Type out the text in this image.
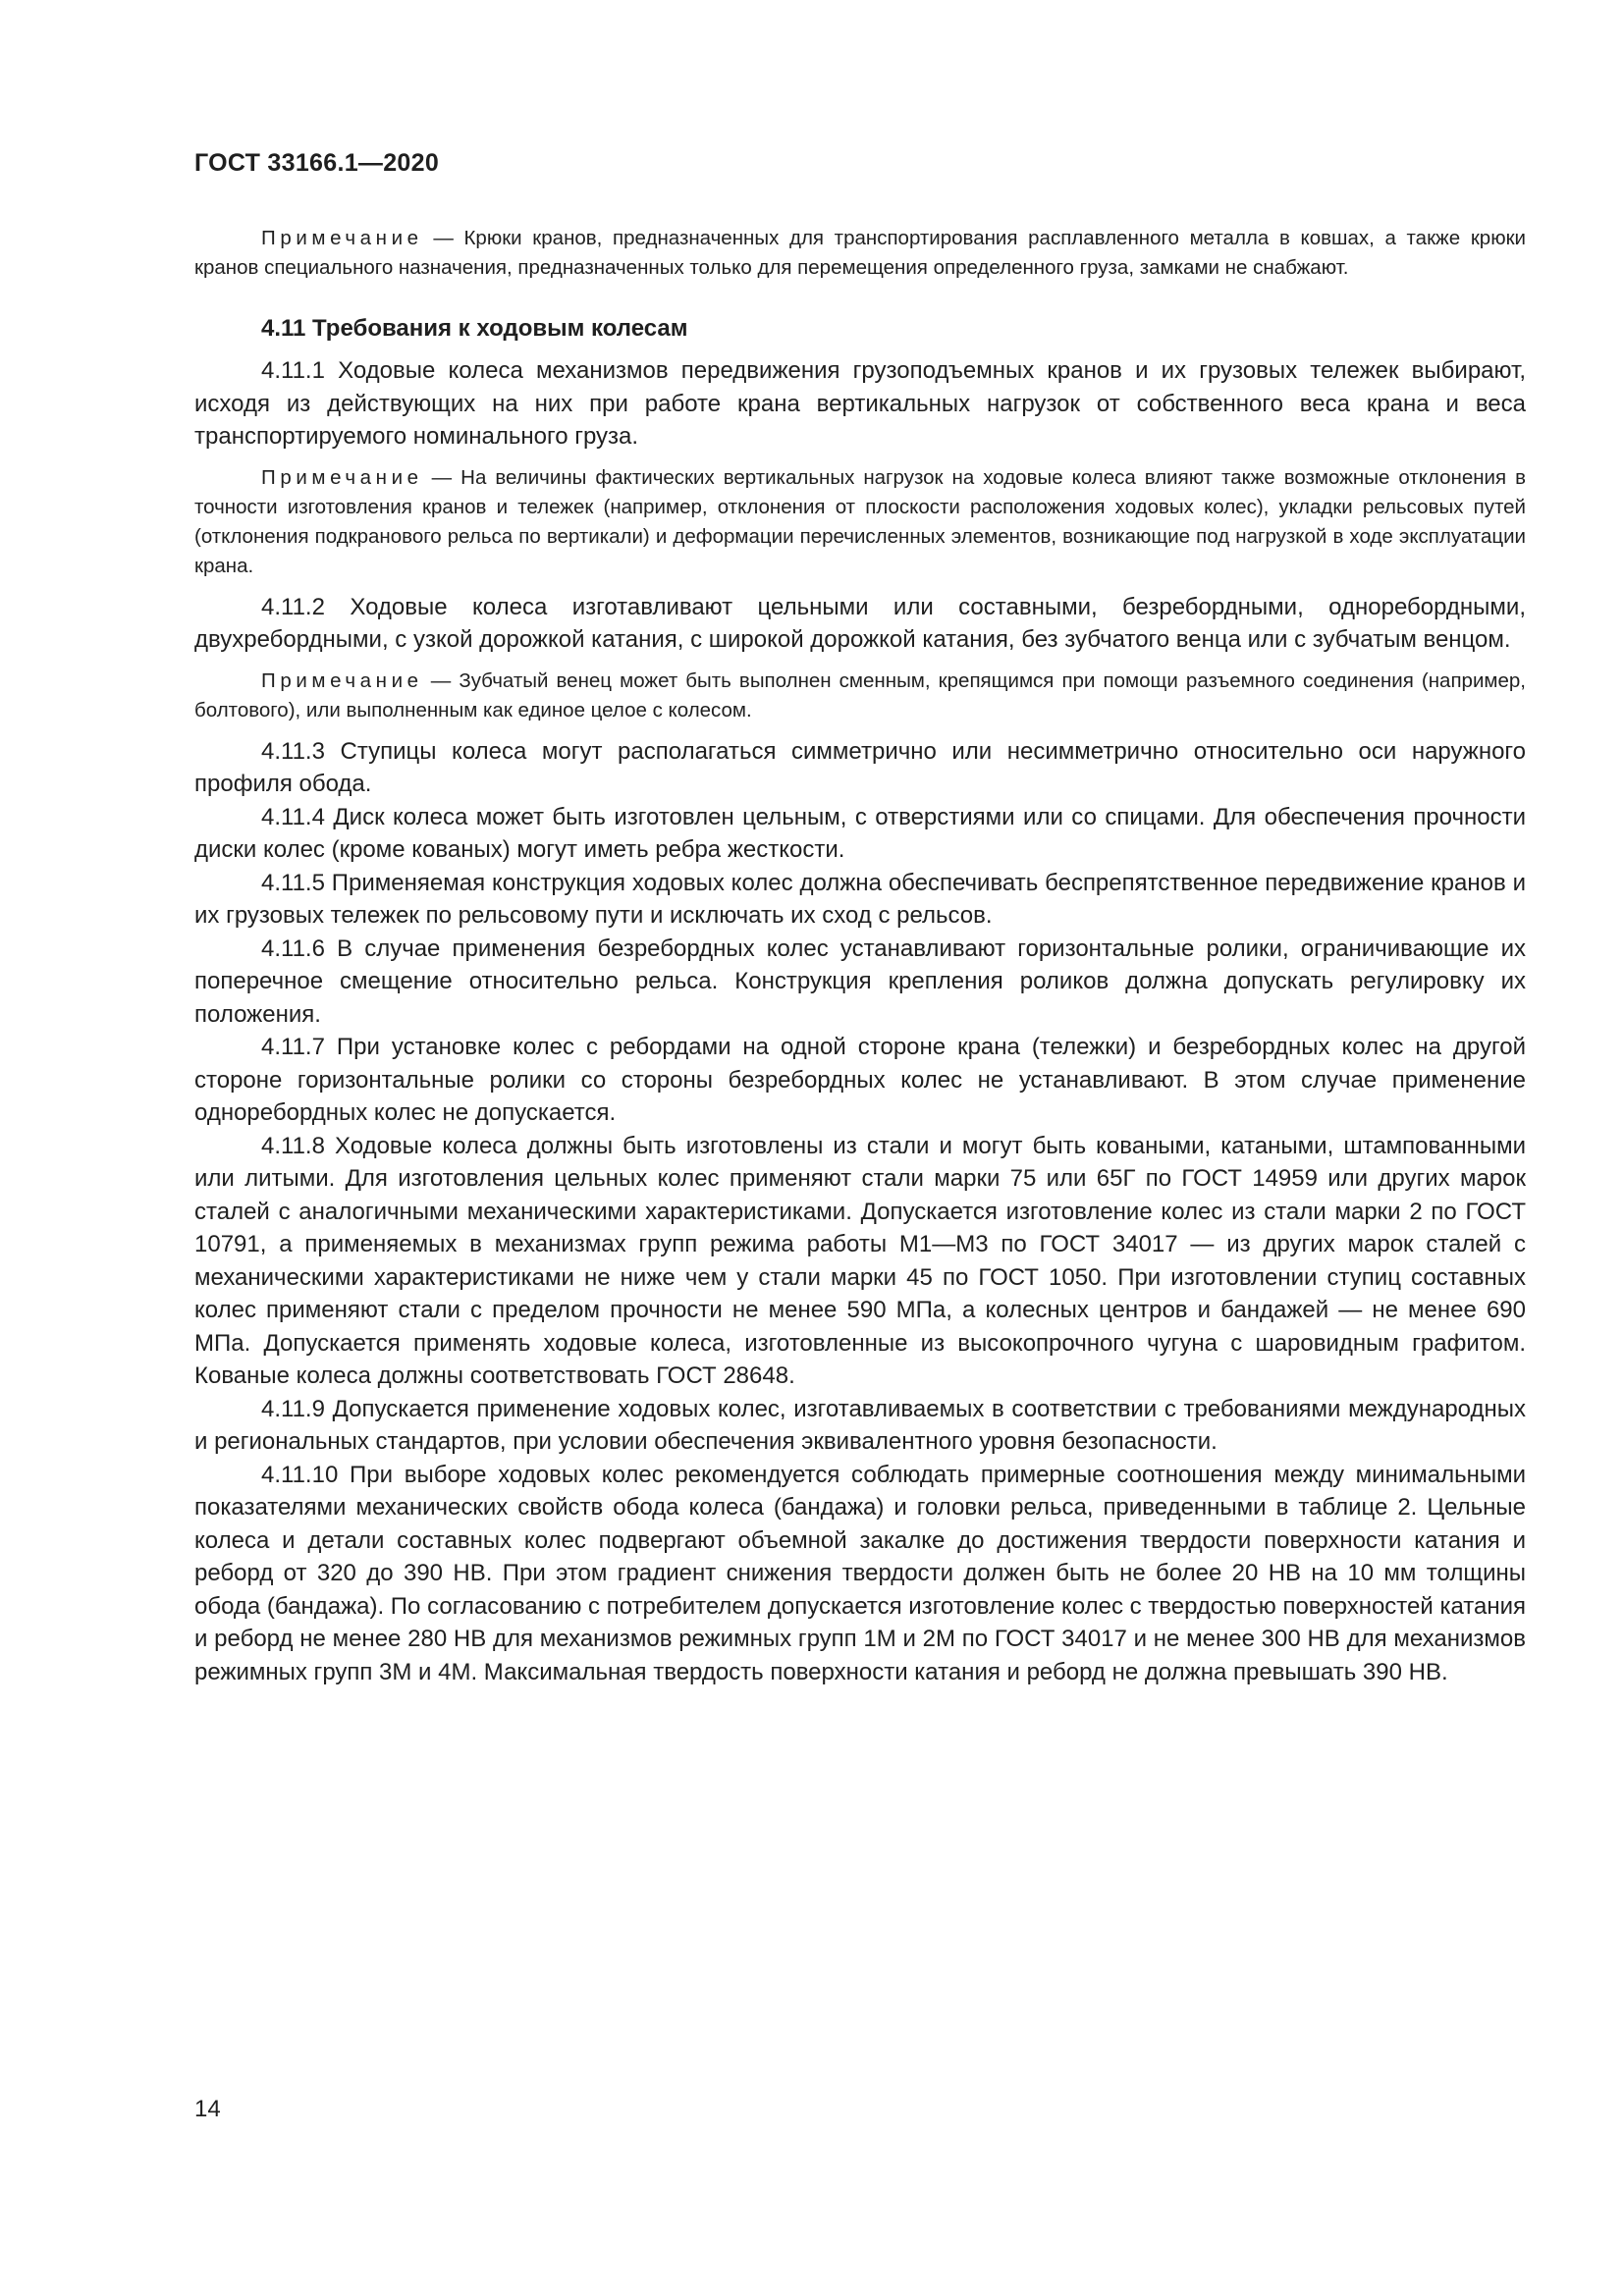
ГОСТ 33166.1—2020

Примечание — Крюки кранов, предназначенных для транспортирования расплавленного металла в ковшах, а также крюки кранов специального назначения, предназначенных только для перемещения определенного груза, замками не снабжают.

4.11 Требования к ходовым колесам

4.11.1 Ходовые колеса механизмов передвижения грузоподъемных кранов и их грузовых тележек выбирают, исходя из действующих на них при работе крана вертикальных нагрузок от собственного веса крана и веса транспортируемого номинального груза.

Примечание — На величины фактических вертикальных нагрузок на ходовые колеса влияют также возможные отклонения в точности изготовления кранов и тележек (например, отклонения от плоскости расположения ходовых колес), укладки рельсовых путей (отклонения подкранового рельса по вертикали) и деформации перечисленных элементов, возникающие под нагрузкой в ходе эксплуатации крана.

4.11.2 Ходовые колеса изготавливают цельными или составными, безребордными, одноребордными, двухребордными, с узкой дорожкой катания, с широкой дорожкой катания, без зубчатого венца или с зубчатым венцом.

Примечание — Зубчатый венец может быть выполнен сменным, крепящимся при помощи разъемного соединения (например, болтового), или выполненным как единое целое с колесом.

4.11.3 Ступицы колеса могут располагаться симметрично или несимметрично относительно оси наружного профиля обода.

4.11.4 Диск колеса может быть изготовлен цельным, с отверстиями или со спицами. Для обеспечения прочности диски колес (кроме кованых) могут иметь ребра жесткости.

4.11.5 Применяемая конструкция ходовых колес должна обеспечивать беспрепятственное передвижение кранов и их грузовых тележек по рельсовому пути и исключать их сход с рельсов.

4.11.6 В случае применения безребордных колес устанавливают горизонтальные ролики, ограничивающие их поперечное смещение относительно рельса. Конструкция крепления роликов должна допускать регулировку их положения.

4.11.7 При установке колес с ребордами на одной стороне крана (тележки) и безребордных колес на другой стороне горизонтальные ролики со стороны безребордных колес не устанавливают. В этом случае применение одноребордных колес не допускается.

4.11.8 Ходовые колеса должны быть изготовлены из стали и могут быть коваными, катаными, штампованными или литыми. Для изготовления цельных колес применяют стали марки 75 или 65Г по ГОСТ 14959 или других марок сталей с аналогичными механическими характеристиками. Допускается изготовление колес из стали марки 2 по ГОСТ 10791, а применяемых в механизмах групп режима работы М1—М3 по ГОСТ 34017 — из других марок сталей с механическими характеристиками не ниже чем у стали марки 45 по ГОСТ 1050. При изготовлении ступиц составных колес применяют стали с пределом прочности не менее 590 МПа, а колесных центров и бандажей — не менее 690 МПа. Допускается применять ходовые колеса, изготовленные из высокопрочного чугуна с шаровидным графитом. Кованые колеса должны соответствовать ГОСТ 28648.

4.11.9 Допускается применение ходовых колес, изготавливаемых в соответствии с требованиями международных и региональных стандартов, при условии обеспечения эквивалентного уровня безопасности.

4.11.10 При выборе ходовых колес рекомендуется соблюдать примерные соотношения между минимальными показателями механических свойств обода колеса (бандажа) и головки рельса, приведенными в таблице 2. Цельные колеса и детали составных колес подвергают объемной закалке до достижения твердости поверхности катания и реборд от 320 до 390 НВ. При этом градиент снижения твердости должен быть не более 20 НВ на 10 мм толщины обода (бандажа). По согласованию с потребителем допускается изготовление колес с твердостью поверхностей катания и реборд не менее 280 НВ для механизмов режимных групп 1М и 2М по ГОСТ 34017 и не менее 300 НВ для механизмов режимных групп 3М и 4М. Максимальная твердость поверхности катания и реборд не должна превышать 390 НВ.

14
